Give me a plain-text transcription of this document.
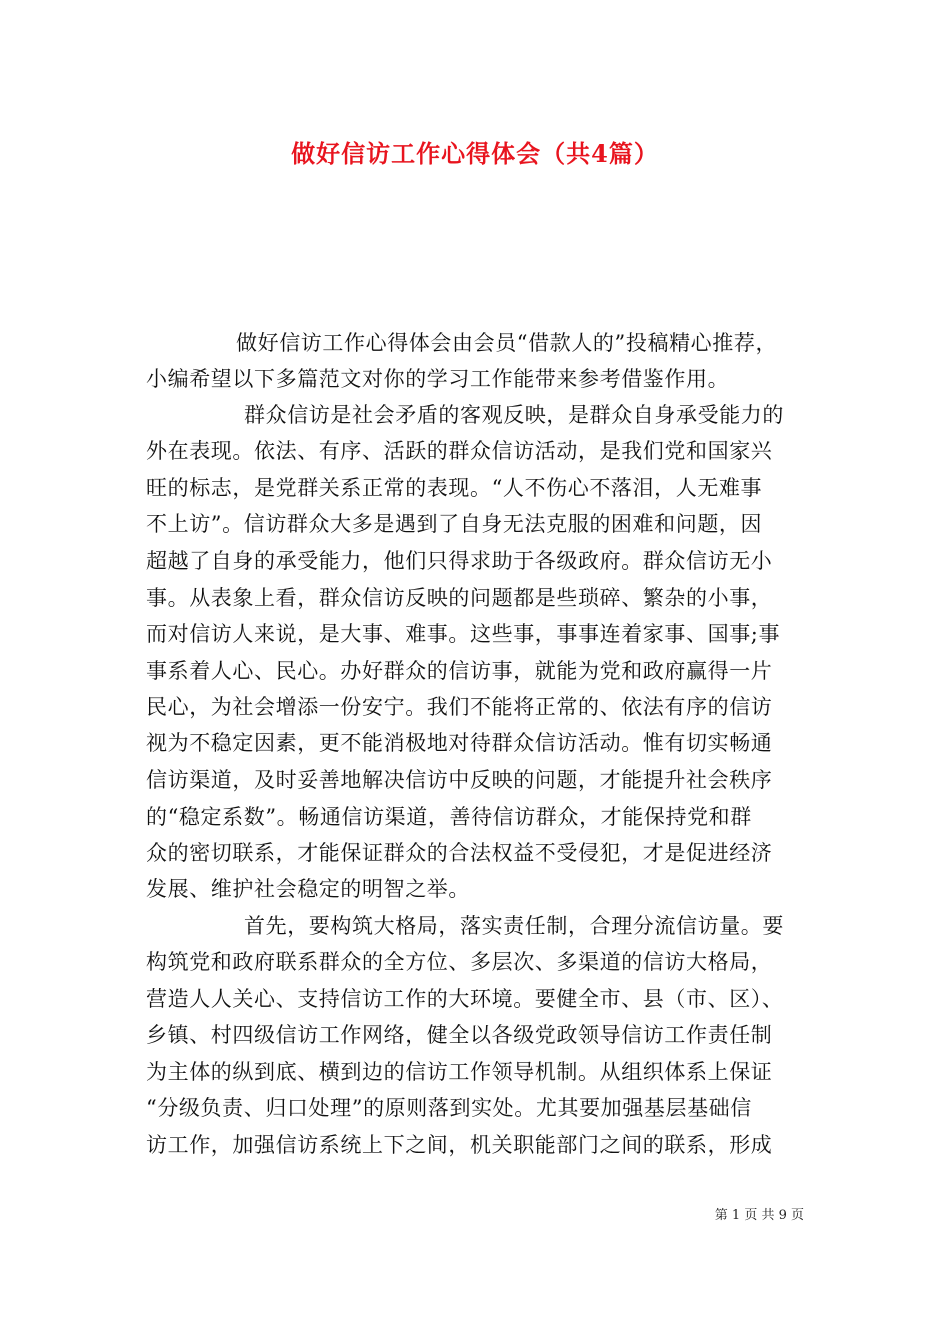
做好信访工作心得体会（共4篇）
做好信访工作心得体会由会员“借款人的”投稿精心推荐，
小编希望以下多篇范文对你的学习工作能带来参考借鉴作用。
群众信访是社会矛盾的客观反映，是群众自身承受能力的
外在表现。依法、有序、活跃的群众信访活动，是我们党和国家兴
旺的标志，是党群关系正常的表现。“人不伤心不落泪，人无难事
不上访”。信访群众大多是遇到了自身无法克服的困难和问题，因
超越了自身的承受能力，他们只得求助于各级政府。群众信访无小
事。从表象上看，群众信访反映的问题都是些琐碎、繁杂的小事，
而对信访人来说，是大事、难事。这些事，事事连着家事、国事;事
事系着人心、民心。办好群众的信访事，就能为党和政府赢得一片
民心，为社会增添一份安宁。我们不能将正常的、依法有序的信访
视为不稳定因素，更不能消极地对待群众信访活动。惟有切实畅通
信访渠道，及时妥善地解决信访中反映的问题，才能提升社会秩序
的“稳定系数”。畅通信访渠道，善待信访群众，才能保持党和群
众的密切联系，才能保证群众的合法权益不受侵犯，才是促进经济
发展、维护社会稳定的明智之举。
首先，要构筑大格局，落实责任制，合理分流信访量。要
构筑党和政府联系群众的全方位、多层次、多渠道的信访大格局，
营造人人关心、支持信访工作的大环境。要健全市、县（市、区）、
乡镇、村四级信访工作网络，健全以各级党政领导信访工作责任制
为主体的纵到底、横到边的信访工作领导机制。从组织体系上保证
“分级负责、归口处理”的原则落到实处。尤其要加强基层基础信
访工作，加强信访系统上下之间，机关职能部门之间的联系，形成
第 1 页 共 9 页
